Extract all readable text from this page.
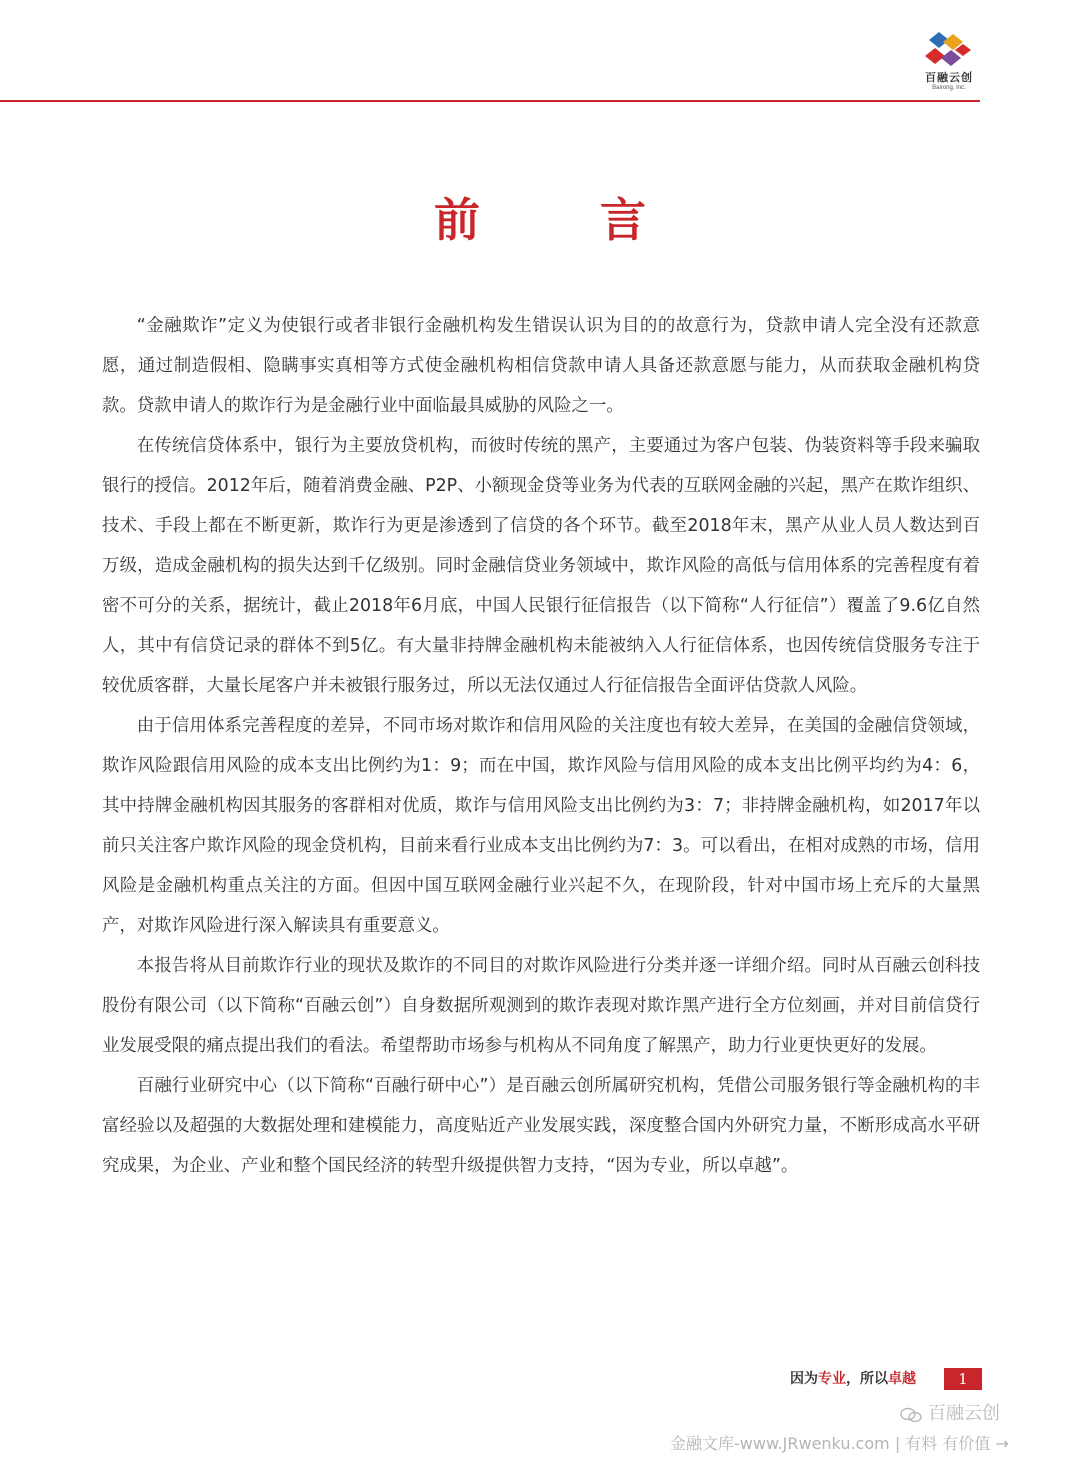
百融云创
Bairong, Inc.
前 言

“金融欺诈”定义为使银行或者非银行金融机构发生错误认识为目的的故意行为，贷款申请人完全没有还款意愿，通过制造假相、隐瞒事实真相等方式使金融机构相信贷款申请人具备还款意愿与能力，从而获取金融机构贷款。贷款申请人的欺诈行为是金融行业中面临最具威胁的风险之一。

在传统信贷体系中，银行为主要放贷机构，而彼时传统的黑产，主要通过为客户包装、伪装资料等手段来骗取银行的授信。2012年后，随着消费金融、P2P、小额现金贷等业务为代表的互联网金融的兴起，黑产在欺诈组织、技术、手段上都在不断更新，欺诈行为更是渗透到了信贷的各个环节。截至2018年末，黑产从业人员人数达到百万级，造成金融机构的损失达到千亿级别。同时金融信贷业务领域中，欺诈风险的高低与信用体系的完善程度有着密不可分的关系，据统计，截止2018年6月底，中国人民银行征信报告（以下简称“人行征信”）覆盖了9.6亿自然人，其中有信贷记录的群体不到5亿。有大量非持牌金融机构未能被纳入人行征信体系，也因传统信贷服务专注于较优质客群，大量长尾客户并未被银行服务过，所以无法仅通过人行征信报告全面评估贷款人风险。

由于信用体系完善程度的差异，不同市场对欺诈和信用风险的关注度也有较大差异，在美国的金融信贷领域，欺诈风险跟信用风险的成本支出比例约为1：9；而在中国，欺诈风险与信用风险的成本支出比例平均约为4：6，其中持牌金融机构因其服务的客群相对优质，欺诈与信用风险支出比例约为3：7；非持牌金融机构，如2017年以前只关注客户欺诈风险的现金贷机构，目前来看行业成本支出比例约为7：3。可以看出，在相对成熟的市场，信用风险是金融机构重点关注的方面。但因中国互联网金融行业兴起不久，在现阶段，针对中国市场上充斥的大量黑产，对欺诈风险进行深入解读具有重要意义。

本报告将从目前欺诈行业的现状及欺诈的不同目的对欺诈风险进行分类并逐一详细介绍。同时从百融云创科技股份有限公司（以下简称“百融云创”）自身数据所观测到的欺诈表现对欺诈黑产进行全方位刻画，并对目前信贷行业发展受限的痛点提出我们的看法。希望帮助市场参与机构从不同角度了解黑产，助力行业更快更好的发展。

百融行业研究中心（以下简称“百融行研中心”）是百融云创所属研究机构，凭借公司服务银行等金融机构的丰富经验以及超强的大数据处理和建模能力，高度贴近产业发展实践，深度整合国内外研究力量，不断形成高水平研究成果，为企业、产业和整个国民经济的转型升级提供智力支持，“因为专业，所以卓越”。

因为专业，所以卓越	1
百融云创
金融文库-www.JRwenku.com | 有料 有价值 →
